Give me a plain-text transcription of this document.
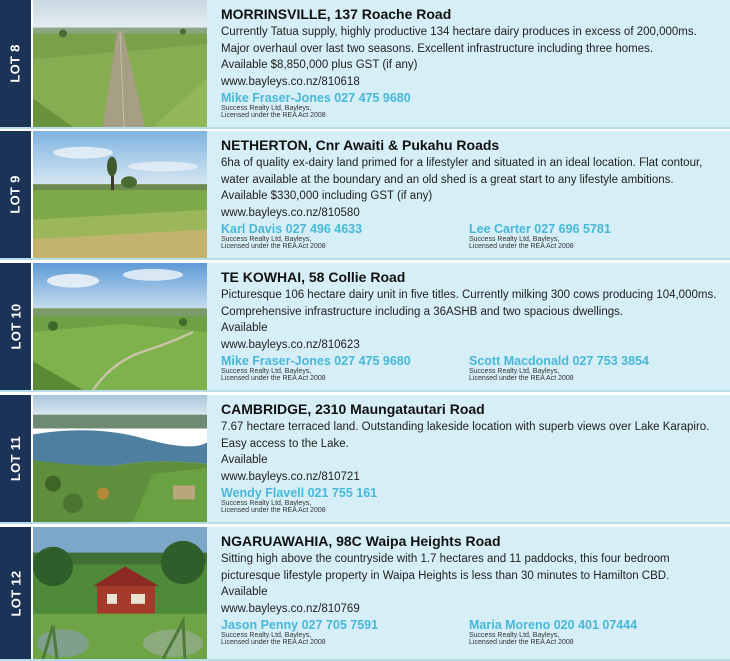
LOT 8
MORRINSVILLE, 137 Roache Road
Currently Tatua supply, highly productive 134 hectare dairy produces in excess of 200,000ms. Major overhaul over last two seasons. Excellent infrastructure including three homes.
Available $8,850,000 plus GST (if any)
www.bayleys.co.nz/810618
Mike Fraser-Jones 027 475 9680
Success Realty Ltd, Bayleys,
Licensed under the REA Act 2008
LOT 9
NETHERTON, Cnr Awaiti & Pukahu Roads
6ha of quality ex-dairy land primed for a lifestyler and situated in an ideal location. Flat contour, water available at the boundary and an old shed is a great start to any lifestyle ambitions.
Available $330,000 including GST (if any)
www.bayleys.co.nz/810580
Karl Davis 027 496 4633
Success Realty Ltd, Bayleys,
Licensed under the REA Act 2008
Lee Carter 027 696 5781
Success Realty Ltd, Bayleys,
Licensed under the REA Act 2008
LOT 10
TE KOWHAI, 58 Collie Road
Picturesque 106 hectare dairy unit in five titles. Currently milking 300 cows producing 104,000ms. Comprehensive infrastructure including a 36ASHB and two spacious dwellings.
Available
www.bayleys.co.nz/810623
Mike Fraser-Jones 027 475 9680
Success Realty Ltd, Bayleys,
Licensed under the REA Act 2008
Scott Macdonald 027 753 3854
Success Realty Ltd, Bayleys,
Licensed under the REA Act 2008
LOT 11
CAMBRIDGE, 2310 Maungatautari Road
7.67 hectare terraced land. Outstanding lakeside location with superb views over Lake Karapiro. Easy access to the Lake.
Available
www.bayleys.co.nz/810721
Wendy Flavell 021 755 161
Success Realty Ltd, Bayleys,
Licensed under the REA Act 2008
LOT 12
NGARUAWAHIA, 98C Waipa Heights Road
Sitting high above the countryside with 1.7 hectares and 11 paddocks, this four bedroom picturesque lifestyle property in Waipa Heights is less than 30 minutes to Hamilton CBD.
Available
www.bayleys.co.nz/810769
Jason Penny 027 705 7591
Success Realty Ltd, Bayleys,
Licensed under the REA Act 2008
Maria Moreno 020 401 07444
Success Realty Ltd, Bayleys,
Licensed under the REA Act 2008
